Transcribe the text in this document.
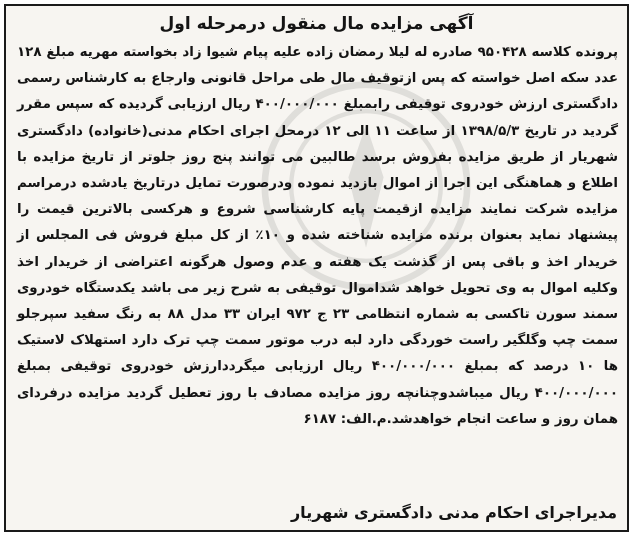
آگهی مزایده مال منقول درمرحله اول
پرونده کلاسه ۹۵۰۴۲۸ صادره له لیلا رمضان زاده علیه پیام شیوا زاد بخواسته مهریه مبلغ ۱۲۸ عدد سکه اصل خواسته که پس ازتوقیف مال طی مراحل قانونی وارجاع به کارشناس رسمی دادگستری ارزش خودروی توقیفی رابمبلغ ۴۰۰/۰۰۰/۰۰۰ ریال ارزیابی گردیده که سپس مقرر گردید در تاریخ ۱۳۹۸/۵/۳ از ساعت ۱۱ الی ۱۲ درمحل اجرای احکام مدنی(خانواده) دادگستری شهریار از طریق مزایده بفروش برسد طالبین می توانند پنج روز جلوتر از تاریخ مزایده با اطلاع و هماهنگی این اجرا از اموال بازدید نموده ودرصورت تمایل درتاریخ یادشده درمراسم مزایده شرکت نمایند مزایده ازقیمت پایه کارشناسی شروع و هرکسی بالاترین قیمت را پیشنهاد نماید بعنوان برنده مزایده شناخته شده و ۱۰٪ از کل مبلغ فروش فی المجلس از خریدار اخذ و باقی پس از گذشت یک هفته و عدم وصول هرگونه اعتراضی از خریدار اخذ وکلیه اموال به وی تحویل خواهد شداموال توقیفی به شرح زیر می باشد یکدستگاه خودروی سمند سورن تاکسی به شماره انتظامی ۲۳ ج ۹۷۲ ایران ۳۳ مدل ۸۸ به رنگ سفید سپرجلو سمت چپ وگلگیر راست خوردگی دارد لبه درب موتور سمت چپ ترک دارد استهلاک لاستیک ها ۱۰ درصد که بمبلغ ۴۰۰/۰۰۰/۰۰۰ ریال ارزیابی میگرددارزش خودروی توقیفی بمبلغ ۴۰۰/۰۰۰/۰۰۰ ریال میباشدوچنانچه روز مزایده مصادف با روز تعطیل گردید مزایده درفردای همان روز و ساعت انجام خواهدشد.م.الف: ۶۱۸۷
مدیراجرای احکام مدنی دادگستری شهریار
